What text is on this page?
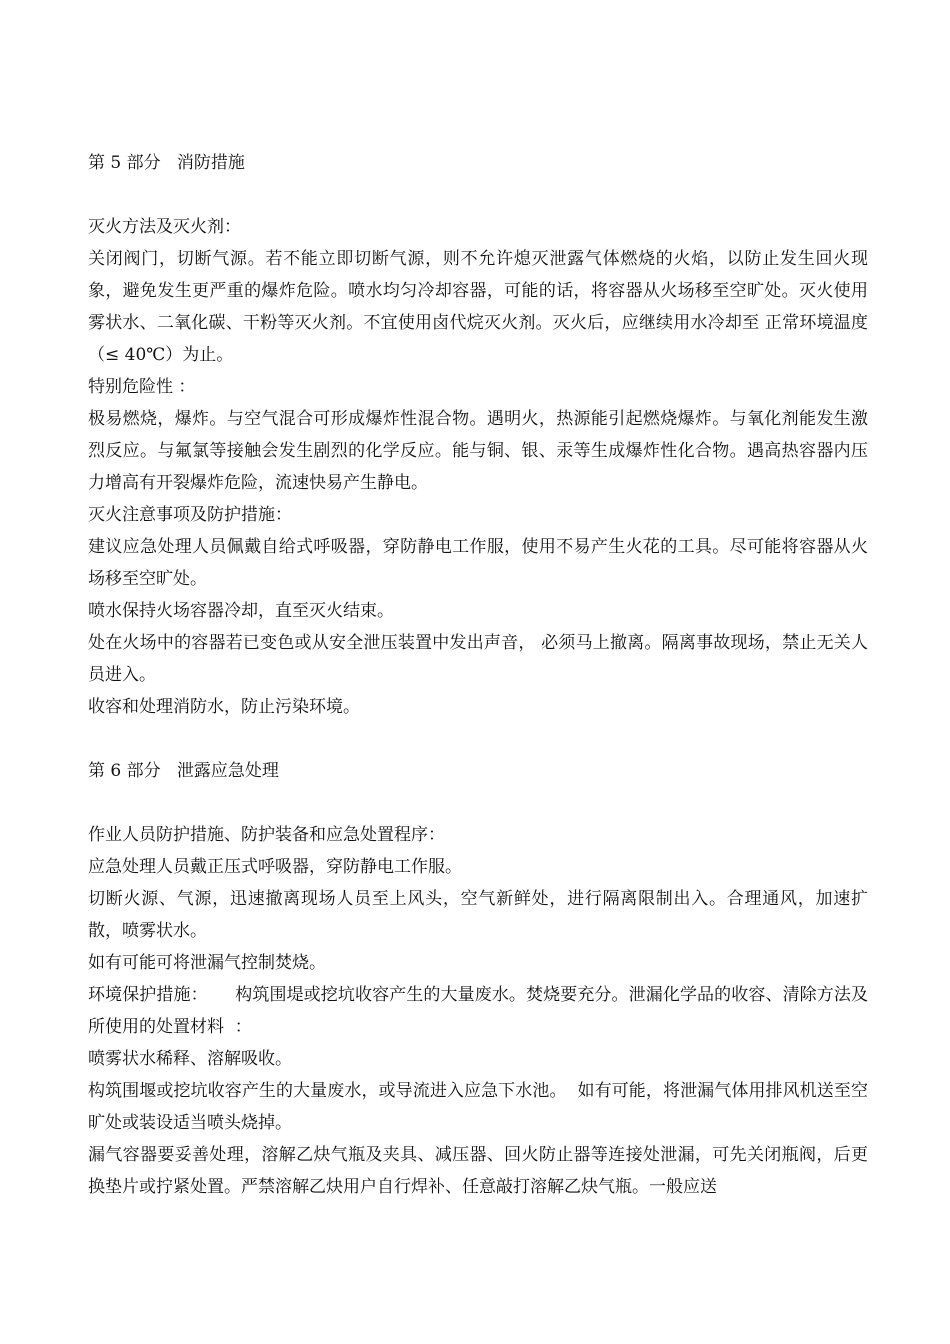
第 5 部分   消防措施

灭火方法及灭火剂：

关闭阀门，切断气源。若不能立即切断气源，则不允许熄灭泄露气体燃烧的火焰，以防止发生回火现象，避免发生更严重的爆炸危险。喷水均匀冷却容器，可能的话，将容器从火场移至空旷处。灭火使用雾状水、二氧化碳、干粉等灭火剂。不宜使用卤代烷灭火剂。灭火后，应继续用水冷却至 正常环境温度（≤ 40℃）为止。

特别危险性 ：

极易燃烧，爆炸。与空气混合可形成爆炸性混合物。遇明火，热源能引起燃烧爆炸。与氧化剂能发生激烈反应。与氟氯等接触会发生剧烈的化学反应。能与铜、银、汞等生成爆炸性化合物。遇高热容器内压力增高有开裂爆炸危险，流速快易产生静电。

灭火注意事项及防护措施：

建议应急处理人员佩戴自给式呼吸器，穿防静电工作服，使用不易产生火花的工具。尽可能将容器从火场移至空旷处。

喷水保持火场容器冷却，直至灭火结束。

处在火场中的容器若已变色或从安全泄压装置中发出声音， 必须马上撤离。隔离事故现场，禁止无关人员进入。

收容和处理消防水，防止污染环境。

第 6 部分   泄露应急处理

作业人员防护措施、防护装备和应急处置程序：

应急处理人员戴正压式呼吸器，穿防静电工作服。

切断火源、气源，迅速撤离现场人员至上风头，空气新鲜处，进行隔离限制出入。合理通风，加速扩散，喷雾状水。

如有可能可将泄漏气控制焚烧。

环境保护措施：     构筑围堤或挖坑收容产生的大量废水。焚烧要充分。泄漏化学品的收容、清除方法及所使用的处置材料  ：

喷雾状水稀释、溶解吸收。

构筑围堰或挖坑收容产生的大量废水，或导流进入应急下水池。  如有可能，将泄漏气体用排风机送至空旷处或装设适当喷头烧掉。

漏气容器要妥善处理，溶解乙炔气瓶及夹具、减压器、回火防止器等连接处泄漏，可先关闭瓶阀，后更换垫片或拧紧处置。严禁溶解乙炔用户自行焊补、任意敲打溶解乙炔气瓶。一般应送
